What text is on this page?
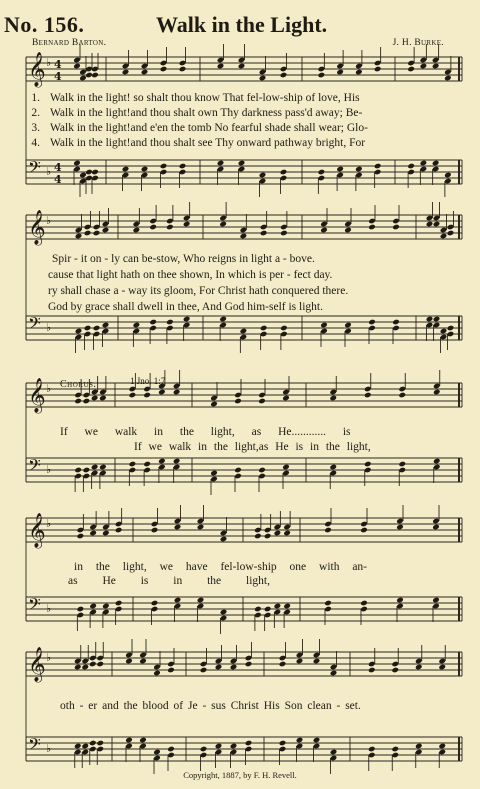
No. 156.	Walk in the Light.
Bernard Barton.	J. H. Burke.
𝄞 ♭ 4
4
𝄢 ♭ 4
4
𝄞 ♭
𝄢 ♭
𝄞 ♭
𝄢 ♭
𝄞 ♭
𝄢 ♭
𝄞 ♭
𝄢 ♭
1. Walk in the light! so shalt thou know That fel-low-ship of love, His
2. Walk in the light!and thou shalt own Thy darkness pass'd away; Be-
3. Walk in the light!and e'en the tomb No fearful shade shall wear; Glo-
4. Walk in the light!and thou shalt see Thy onward pathway bright, For
Spir - it on - ly can be-stow, Who reigns in light a - bove.
cause that light hath on thee shown, In which is per - fect day.
ry shall chase a - way its gloom, For Christ hath conquered there.
God by grace shall dwell in thee, And God him-self is light.
Chorus.	1 Jno. 1:7
If we walk in the light, as He............ is
If we walk in the light,as He is in the light,
in the light, we have fel-low-ship one with an-
as He is in the light,
oth - er and the blood of Je - sus Christ His Son clean - set.
Copyright, 1887, by F. H. Revell.
